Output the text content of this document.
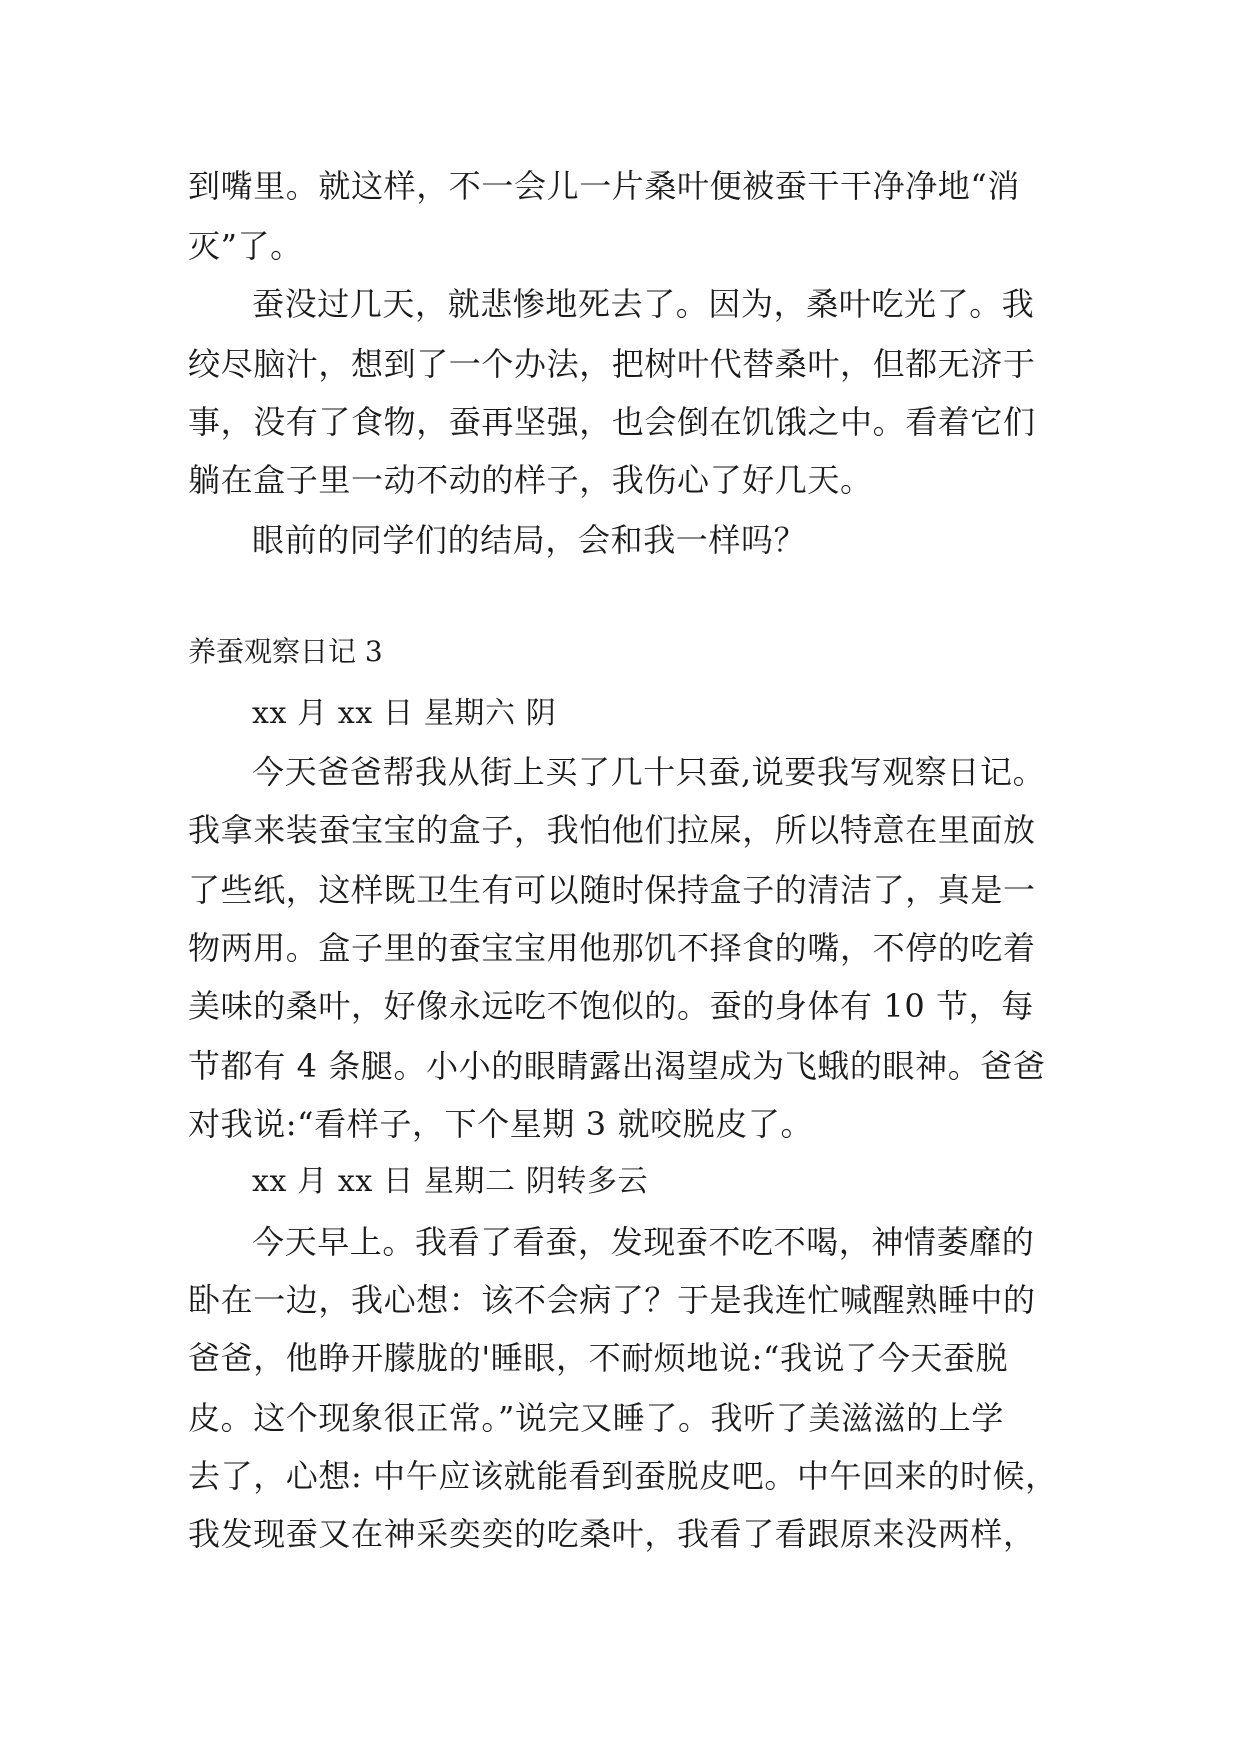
到嘴里。就这样，不一会儿一片桑叶便被蚕干干净净地“消
灭”了。
蚕没过几天，就悲惨地死去了。因为，桑叶吃光了。我
绞尽脑汁，想到了一个办法，把树叶代替桑叶，但都无济于
事，没有了食物，蚕再坚强，也会倒在饥饿之中。看着它们
躺在盒子里一动不动的样子，我伤心了好几天。
眼前的同学们的结局，会和我一样吗？
养蚕观察日记 3
xx 月 xx 日 星期六 阴
今天爸爸帮我从街上买了几十只蚕,说要我写观察日记。
我拿来装蚕宝宝的盒子，我怕他们拉屎，所以特意在里面放
了些纸，这样既卫生有可以随时保持盒子的清洁了，真是一
物两用。盒子里的蚕宝宝用他那饥不择食的嘴，不停的吃着
美味的桑叶，好像永远吃不饱似的。蚕的身体有 10 节，每
节都有 4 条腿。小小的眼睛露出渴望成为飞蛾的眼神。爸爸
对我说:“看样子，下个星期 3 就咬脱皮了。
xx 月 xx 日 星期二 阴转多云
今天早上。我看了看蚕，发现蚕不吃不喝，神情萎靡的
卧在一边，我心想：该不会病了？于是我连忙喊醒熟睡中的
爸爸，他睁开朦胧的'睡眼，不耐烦地说:“我说了今天蚕脱
皮。这个现象很正常。”说完又睡了。我听了美滋滋的上学
去了，心想: 中午应该就能看到蚕脱皮吧。中午回来的时候，
我发现蚕又在神采奕奕的吃桑叶，我看了看跟原来没两样，
